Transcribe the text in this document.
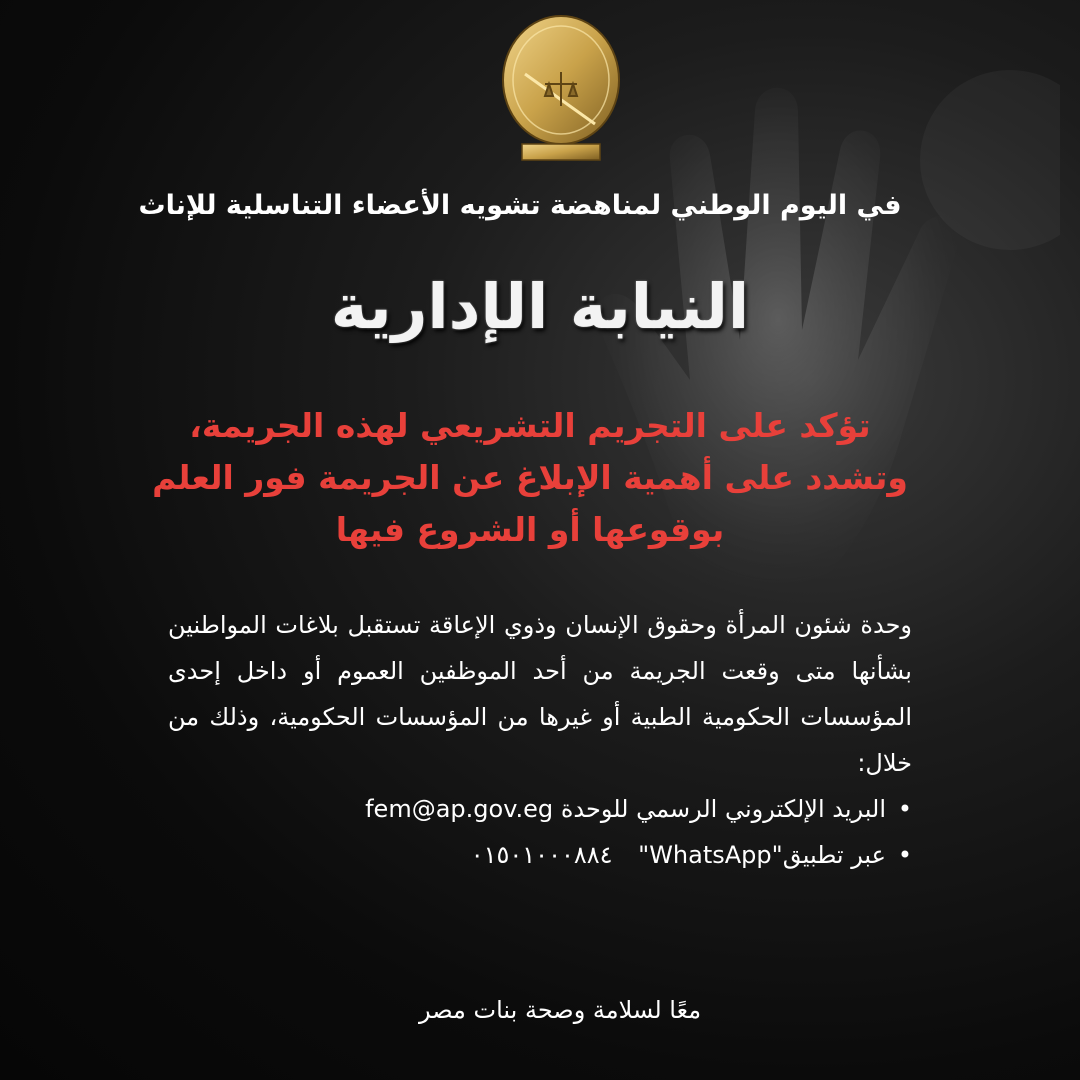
في اليوم الوطني لمناهضة تشويه الأعضاء التناسلية للإناث
النيابة الإدارية
تؤكد على التجريم التشريعي لهذه الجريمة،
وتشدد على أهمية الإبلاغ عن الجريمة فور العلم
بوقوعها أو الشروع فيها
وحدة شئون المرأة وحقوق الإنسان وذوي الإعاقة تستقبل بلاغات المواطنين بشأنها متى وقعت الجريمة من أحد الموظفين العموم أو داخل إحدى المؤسسات الحكومية الطبية أو غيرها من المؤسسات الحكومية، وذلك من خلال:
•
البريد الإلكتروني الرسمي للوحدة fem@ap.gov.eg
•
عبر تطبيق"WhatsApp" ٠١٥٠١٠٠٠٨٨٤
معًا لسلامة وصحة بنات مصر
